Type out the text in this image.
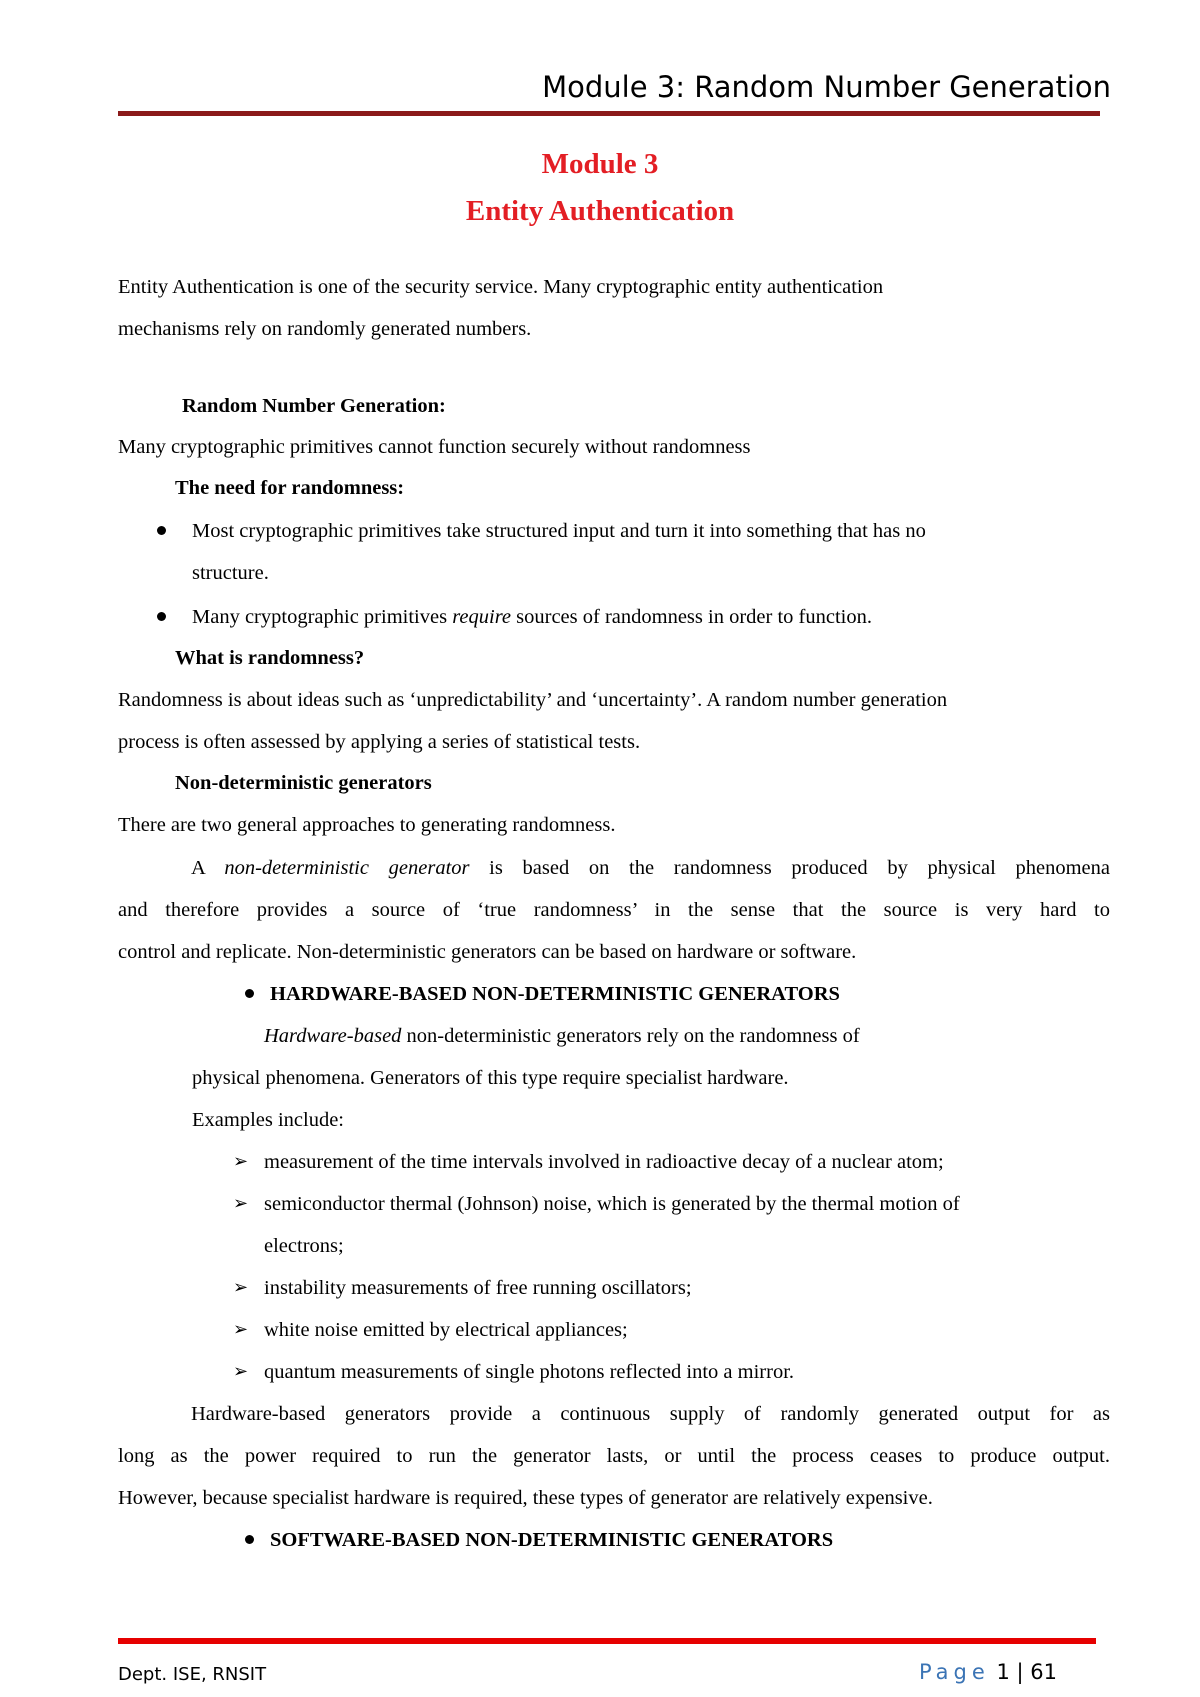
Module 3: Random Number Generation
Module 3
Entity Authentication
Entity Authentication is one of the security service. Many cryptographic entity authentication
mechanisms rely on randomly generated numbers.
Random Number Generation:
Many cryptographic primitives cannot function securely without randomness
The need for randomness:
Most cryptographic primitives take structured input and turn it into something that has no
structure.
Many cryptographic primitives require sources of randomness in order to function.
What is randomness?
Randomness is about ideas such as ‘unpredictability’ and ‘uncertainty’. A random number generation
process is often assessed by applying a series of statistical tests.
Non-deterministic generators
There are two general approaches to generating randomness.
A non-deterministic generator is based on the randomness produced by physical phenomena
and therefore provides a source of ‘true randomness’ in the sense that the source is very hard to
control and replicate. Non-deterministic generators can be based on hardware or software.
HARDWARE-BASED NON-DETERMINISTIC GENERATORS
Hardware-based non-deterministic generators rely on the randomness of
physical phenomena. Generators of this type require specialist hardware.
Examples include:
➢ measurement of the time intervals involved in radioactive decay of a nuclear atom;
➢ semiconductor thermal (Johnson) noise, which is generated by the thermal motion of
electrons;
➢ instability measurements of free running oscillators;
➢ white noise emitted by electrical appliances;
➢ quantum measurements of single photons reflected into a mirror.
Hardware-based generators provide a continuous supply of randomly generated output for as
long as the power required to run the generator lasts, or until the process ceases to produce output.
However, because specialist hardware is required, these types of generator are relatively expensive.
SOFTWARE-BASED NON-DETERMINISTIC GENERATORS
Dept. ISE, RNSIT	Page 1 | 61
